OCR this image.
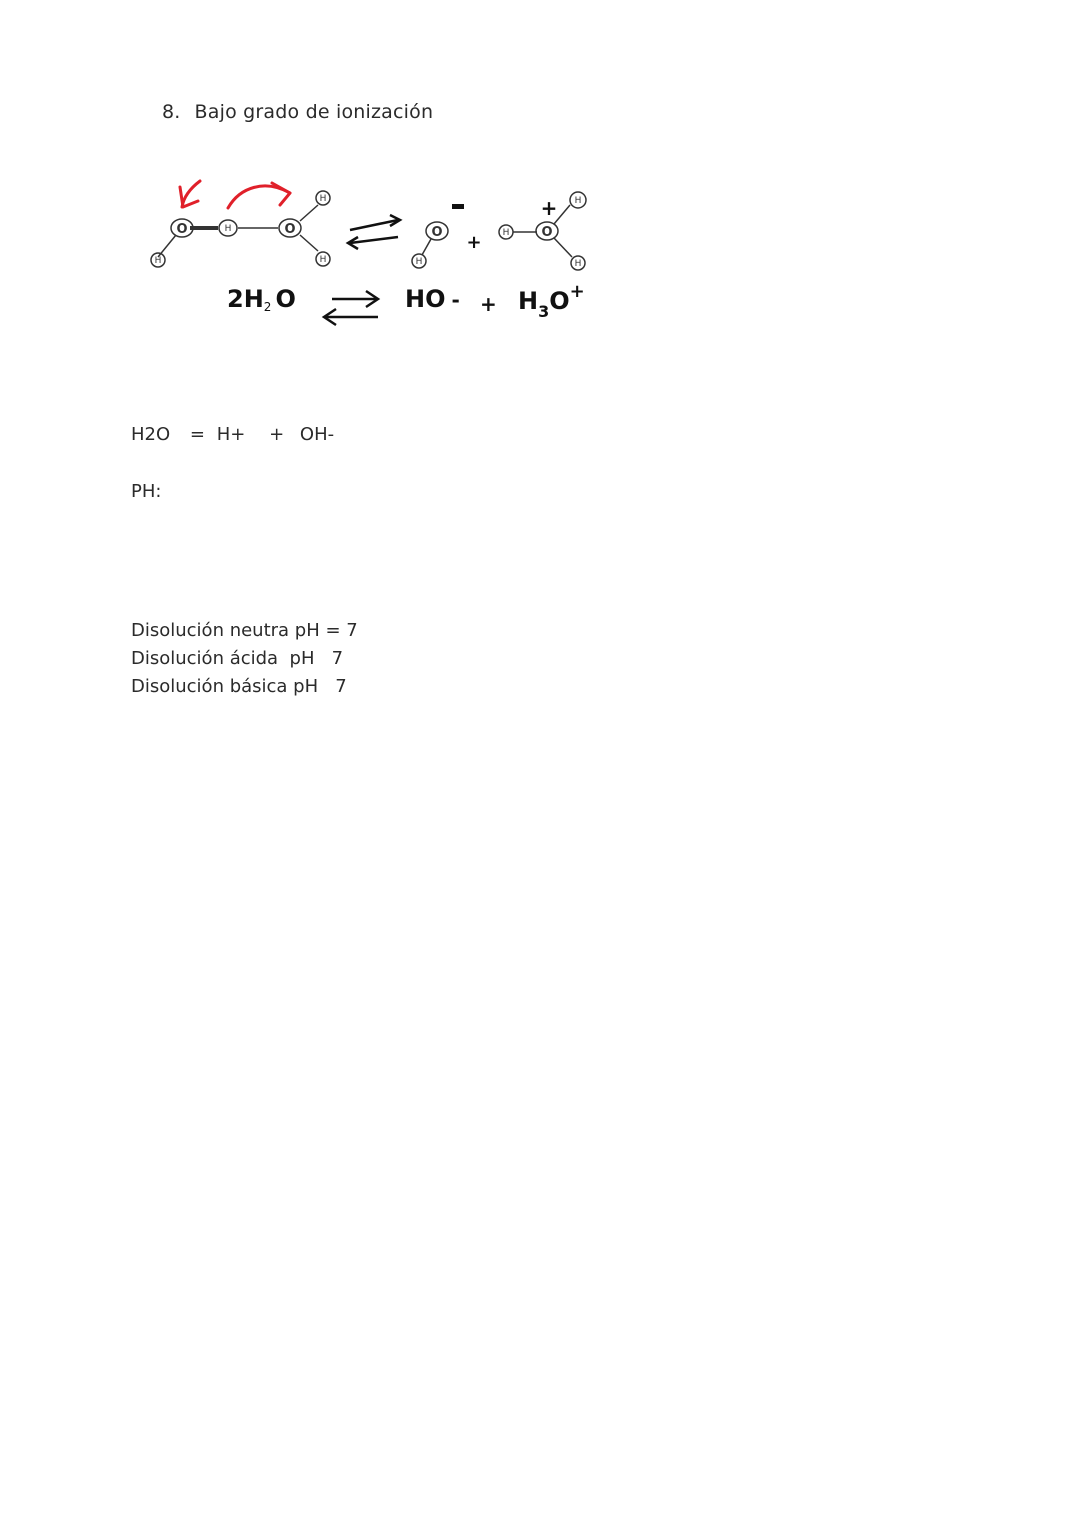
8. Bajo grado de ionización
O	O
H
H
H
H
O
H
+	O
H
H
H
+
2H2 O	HO - + $H_3O^+$
H2O = H+ + OH-
PH:
Disolución neutra pH = 7
Disolución ácida  pH   7
Disolución básica pH   7
